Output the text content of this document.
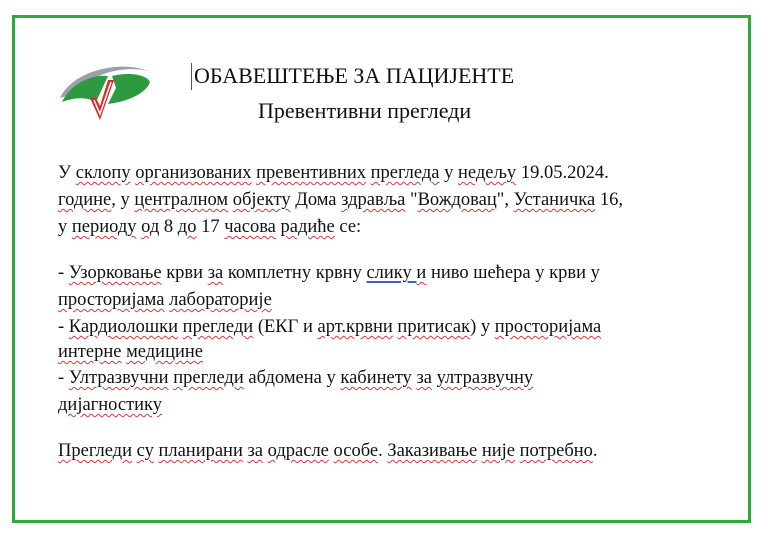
ОБАВЕШТЕЊЕ ЗА ПАЦИЈЕНТЕ
Превентивни прегледи
У склопу организованих превентивних прегледа у недељу 19.05.2024.
године, у централном објекту Дома здравља "Вождовац", Устаничка 16,
у периоду од 8 до 17 часова радиће се:
- Узорковање крви за комплетну крвну слику и ниво шећера у крви у
просторијама лабораторије
- Кардиолошки прегледи (ЕКГ и арт.крвни притисак) у просторијама
интерне медицине
- Ултразвучни прегледи абдомена у кабинету за ултразвучну
дијагностику
Прегледи су планирани за одрасле особе. Заказивање није потребно.
